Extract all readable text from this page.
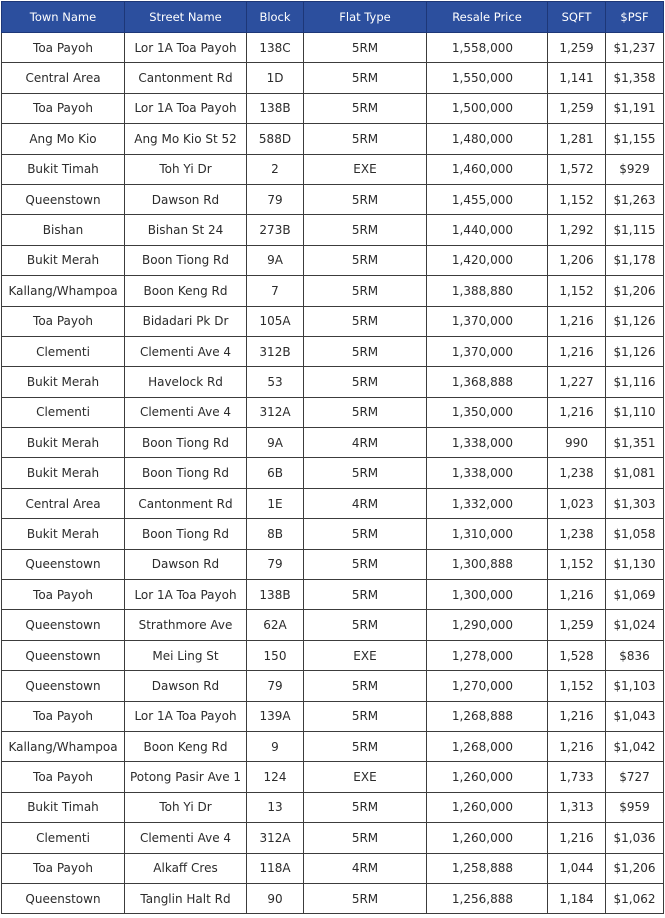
Town Name	Street Name	Block	Flat Type	Resale Price	SQFT	$PSF
Toa Payoh	Lor 1A Toa Payoh	138C	5RM	1,558,000	1,259	$1,237
Central Area	Cantonment Rd	1D	5RM	1,550,000	1,141	$1,358
Toa Payoh	Lor 1A Toa Payoh	138B	5RM	1,500,000	1,259	$1,191
Ang Mo Kio	Ang Mo Kio St 52	588D	5RM	1,480,000	1,281	$1,155
Bukit Timah	Toh Yi Dr	2	EXE	1,460,000	1,572	$929
Queenstown	Dawson Rd	79	5RM	1,455,000	1,152	$1,263
Bishan	Bishan St 24	273B	5RM	1,440,000	1,292	$1,115
Bukit Merah	Boon Tiong Rd	9A	5RM	1,420,000	1,206	$1,178
Kallang/Whampoa	Boon Keng Rd	7	5RM	1,388,880	1,152	$1,206
Toa Payoh	Bidadari Pk Dr	105A	5RM	1,370,000	1,216	$1,126
Clementi	Clementi Ave 4	312B	5RM	1,370,000	1,216	$1,126
Bukit Merah	Havelock Rd	53	5RM	1,368,888	1,227	$1,116
Clementi	Clementi Ave 4	312A	5RM	1,350,000	1,216	$1,110
Bukit Merah	Boon Tiong Rd	9A	4RM	1,338,000	990	$1,351
Bukit Merah	Boon Tiong Rd	6B	5RM	1,338,000	1,238	$1,081
Central Area	Cantonment Rd	1E	4RM	1,332,000	1,023	$1,303
Bukit Merah	Boon Tiong Rd	8B	5RM	1,310,000	1,238	$1,058
Queenstown	Dawson Rd	79	5RM	1,300,888	1,152	$1,130
Toa Payoh	Lor 1A Toa Payoh	138B	5RM	1,300,000	1,216	$1,069
Queenstown	Strathmore Ave	62A	5RM	1,290,000	1,259	$1,024
Queenstown	Mei Ling St	150	EXE	1,278,000	1,528	$836
Queenstown	Dawson Rd	79	5RM	1,270,000	1,152	$1,103
Toa Payoh	Lor 1A Toa Payoh	139A	5RM	1,268,888	1,216	$1,043
Kallang/Whampoa	Boon Keng Rd	9	5RM	1,268,000	1,216	$1,042
Toa Payoh	Potong Pasir Ave 1	124	EXE	1,260,000	1,733	$727
Bukit Timah	Toh Yi Dr	13	5RM	1,260,000	1,313	$959
Clementi	Clementi Ave 4	312A	5RM	1,260,000	1,216	$1,036
Toa Payoh	Alkaff Cres	118A	4RM	1,258,888	1,044	$1,206
Queenstown	Tanglin Halt Rd	90	5RM	1,256,888	1,184	$1,062
